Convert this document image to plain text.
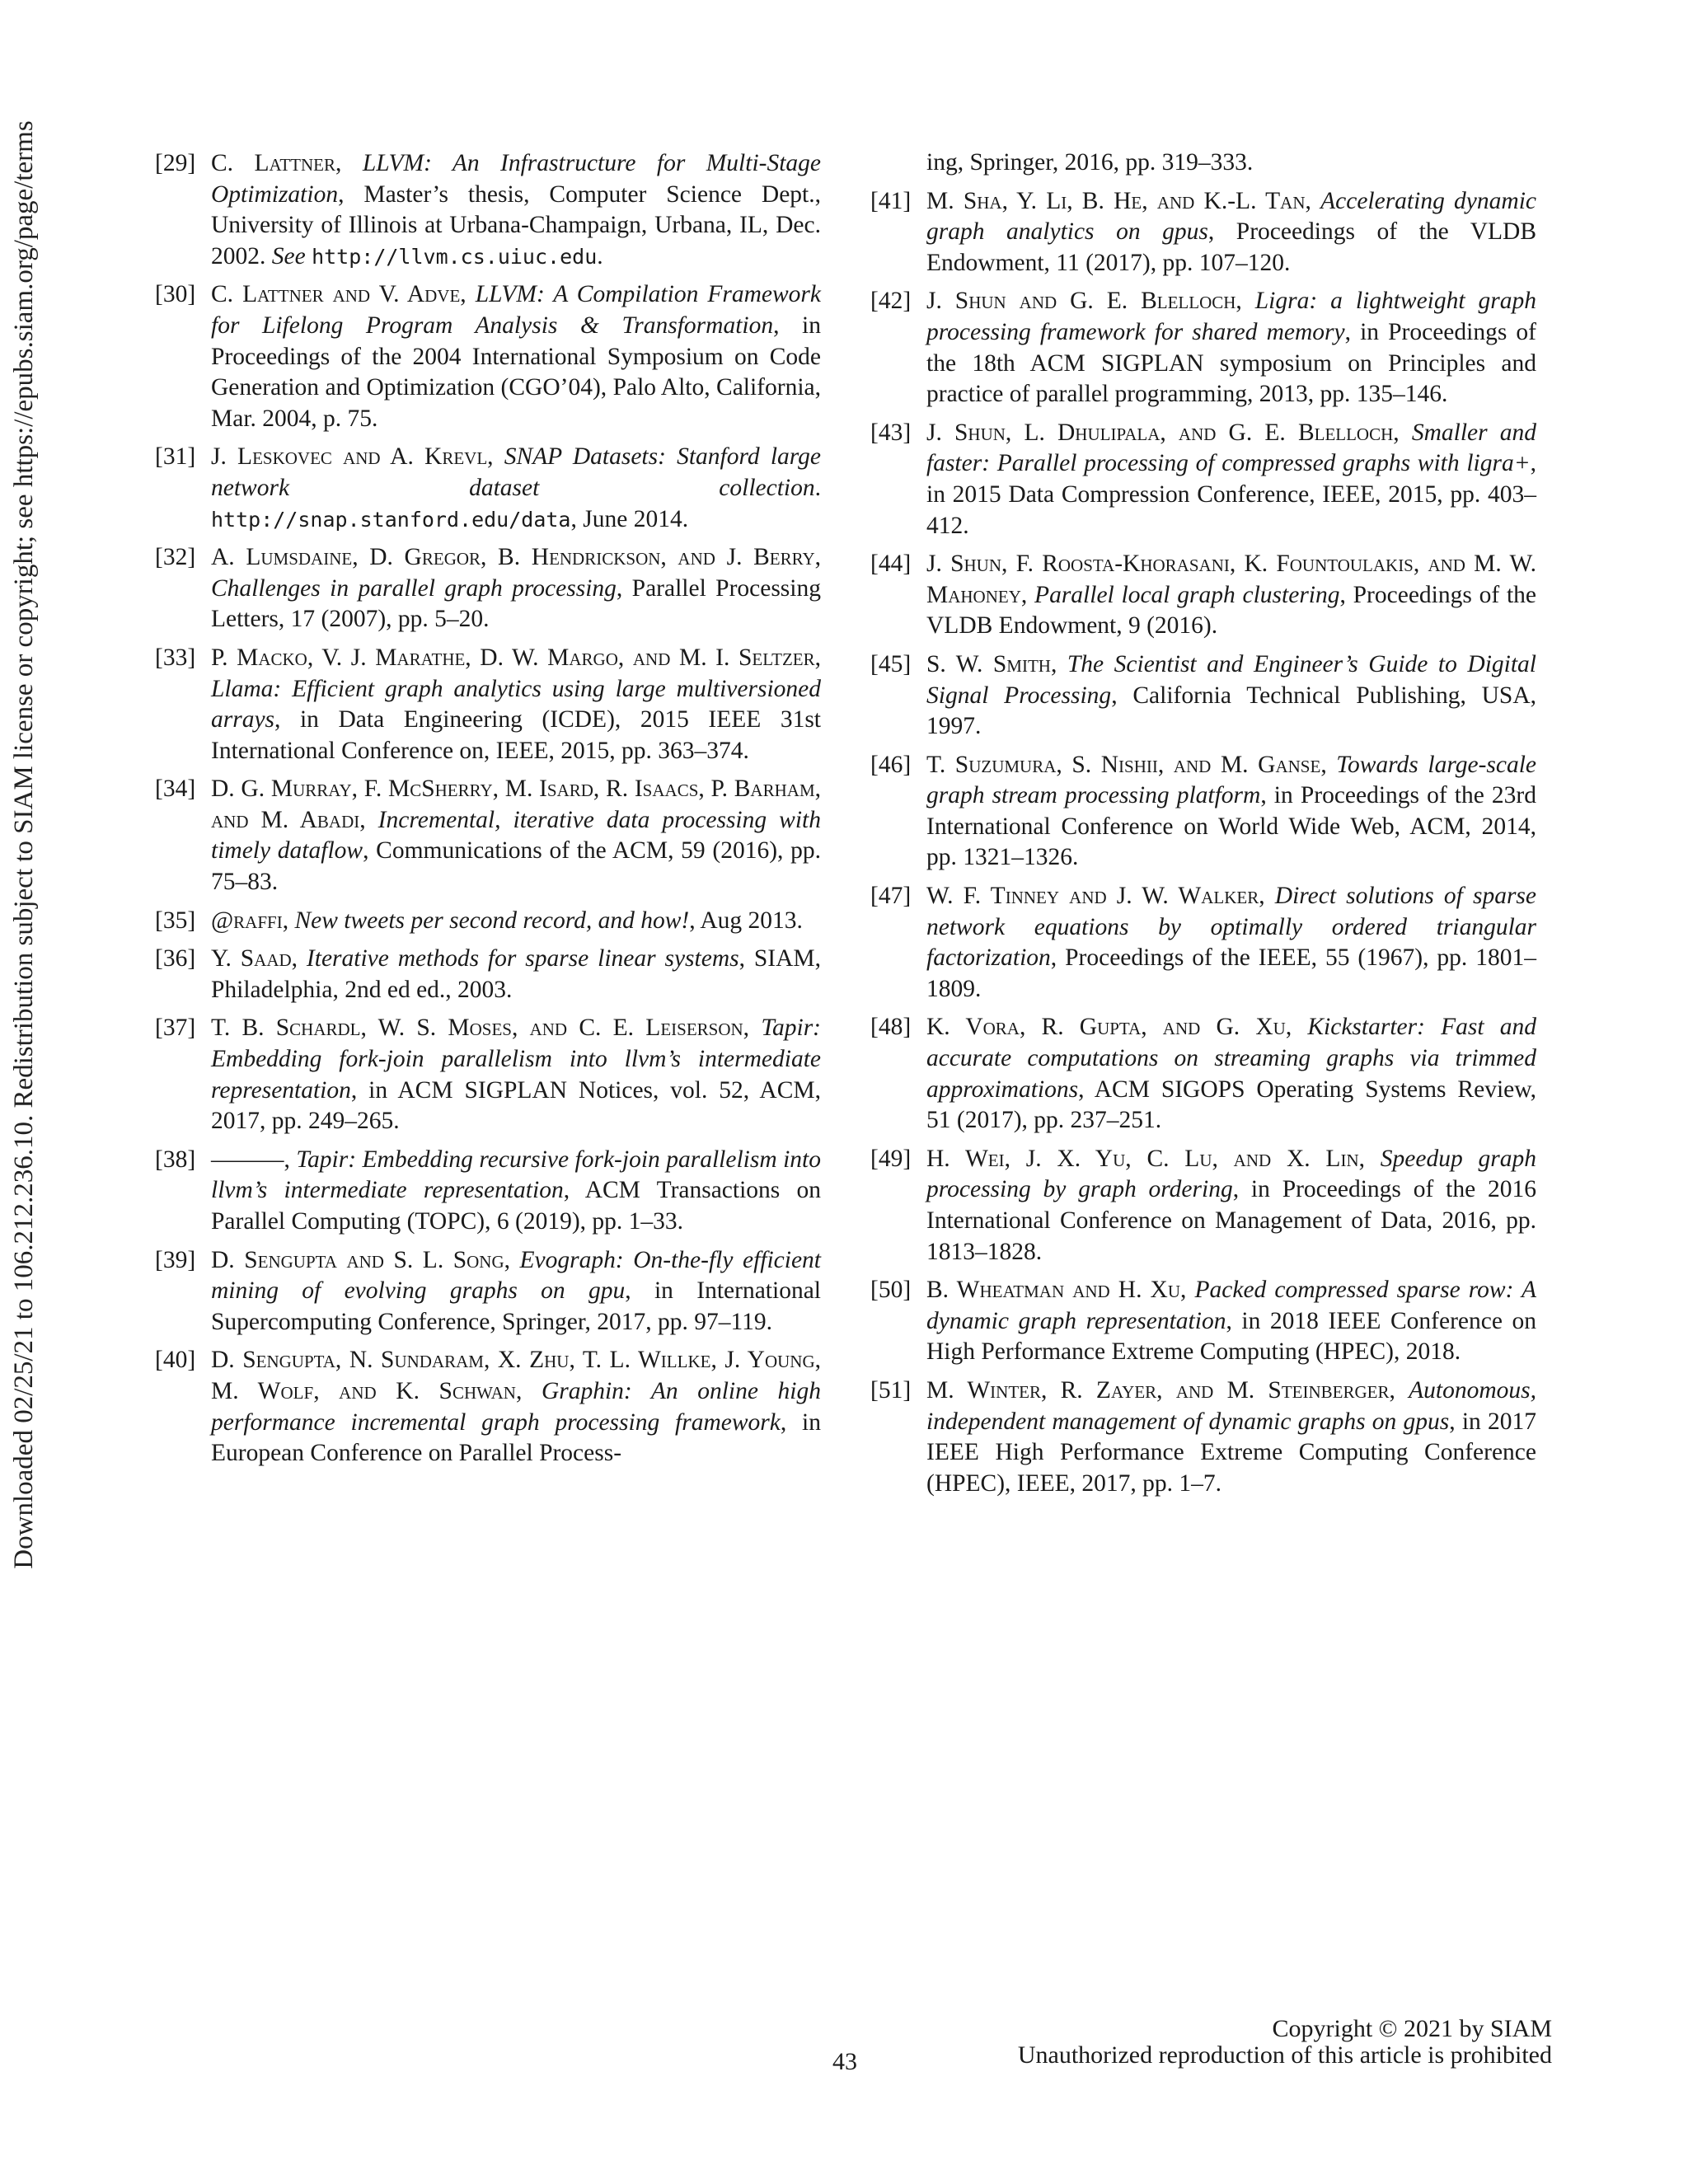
Downloaded 02/25/21 to 106.212.236.10. Redistribution subject to SIAM license or copyright; see https://epubs.siam.org/page/terms	[29] C. Lattner, LLVM: An Infrastructure for Multi-Stage Optimization, Master’s thesis, Computer Science Dept., University of Illinois at Urbana-Champaign, Urbana, IL, Dec. 2002. See http://llvm.cs.uiuc.edu.
[30] C. Lattner and V. Adve, LLVM: A Compilation Framework for Lifelong Program Analysis & Transformation, in Proceedings of the 2004 International Symposium on Code Generation and Optimization (CGO’04), Palo Alto, California, Mar. 2004, p. 75.
[31] J. Leskovec and A. Krevl, SNAP Datasets: Stanford large network dataset collection. http://snap.stanford.edu/data, June 2014.
[32] A. Lumsdaine, D. Gregor, B. Hendrickson, and J. Berry, Challenges in parallel graph processing, Parallel Processing Letters, 17 (2007), pp. 5–20.
[33] P. Macko, V. J. Marathe, D. W. Margo, and M. I. Seltzer, Llama: Efficient graph analytics using large multiversioned arrays, in Data Engineering (ICDE), 2015 IEEE 31st International Conference on, IEEE, 2015, pp. 363–374.
[34] D. G. Murray, F. McSherry, M. Isard, R. Isaacs, P. Barham, and M. Abadi, Incremental, iterative data processing with timely dataflow, Communications of the ACM, 59 (2016), pp. 75–83.
[35] @raffi, New tweets per second record, and how!, Aug 2013.
[36] Y. Saad, Iterative methods for sparse linear systems, SIAM, Philadelphia, 2nd ed ed., 2003.
[37] T. B. Schardl, W. S. Moses, and C. E. Leiserson, Tapir: Embedding fork-join parallelism into llvm’s intermediate representation, in ACM SIGPLAN Notices, vol. 52, ACM, 2017, pp. 249–265.
[38] ———, Tapir: Embedding recursive fork-join parallelism into llvm’s intermediate representation, ACM Transactions on Parallel Computing (TOPC), 6 (2019), pp. 1–33.
[39] D. Sengupta and S. L. Song, Evograph: On-the-fly efficient mining of evolving graphs on gpu, in International Supercomputing Conference, Springer, 2017, pp. 97–119.
[40] D. Sengupta, N. Sundaram, X. Zhu, T. L. Willke, J. Young, M. Wolf, and K. Schwan, Graphin: An online high performance incremental graph processing framework, in European Conference on Parallel Process-
ing, Springer, 2016, pp. 319–333.
[41] M. Sha, Y. Li, B. He, and K.-L. Tan, Accelerating dynamic graph analytics on gpus, Proceedings of the VLDB Endowment, 11 (2017), pp. 107–120.
[42] J. Shun and G. E. Blelloch, Ligra: a lightweight graph processing framework for shared memory, in Proceedings of the 18th ACM SIGPLAN symposium on Principles and practice of parallel programming, 2013, pp. 135–146.
[43] J. Shun, L. Dhulipala, and G. E. Blelloch, Smaller and faster: Parallel processing of compressed graphs with ligra+, in 2015 Data Compression Conference, IEEE, 2015, pp. 403–412.
[44] J. Shun, F. Roosta-Khorasani, K. Fountoulakis, and M. W. Mahoney, Parallel local graph clustering, Proceedings of the VLDB Endowment, 9 (2016).
[45] S. W. Smith, The Scientist and Engineer’s Guide to Digital Signal Processing, California Technical Publishing, USA, 1997.
[46] T. Suzumura, S. Nishii, and M. Ganse, Towards large-scale graph stream processing platform, in Proceedings of the 23rd International Conference on World Wide Web, ACM, 2014, pp. 1321–1326.
[47] W. F. Tinney and J. W. Walker, Direct solutions of sparse network equations by optimally ordered triangular factorization, Proceedings of the IEEE, 55 (1967), pp. 1801–1809.
[48] K. Vora, R. Gupta, and G. Xu, Kickstarter: Fast and accurate computations on streaming graphs via trimmed approximations, ACM SIGOPS Operating Systems Review, 51 (2017), pp. 237–251.
[49] H. Wei, J. X. Yu, C. Lu, and X. Lin, Speedup graph processing by graph ordering, in Proceedings of the 2016 International Conference on Management of Data, 2016, pp. 1813–1828.
[50] B. Wheatman and H. Xu, Packed compressed sparse row: A dynamic graph representation, in 2018 IEEE Conference on High Performance Extreme Computing (HPEC), 2018.
[51] M. Winter, R. Zayer, and M. Steinberger, Autonomous, independent management of dynamic graphs on gpus, in 2017 IEEE High Performance Extreme Computing Conference (HPEC), IEEE, 2017, pp. 1–7.
43
Copyright © 2021 by SIAM
Unauthorized reproduction of this article is prohibited
